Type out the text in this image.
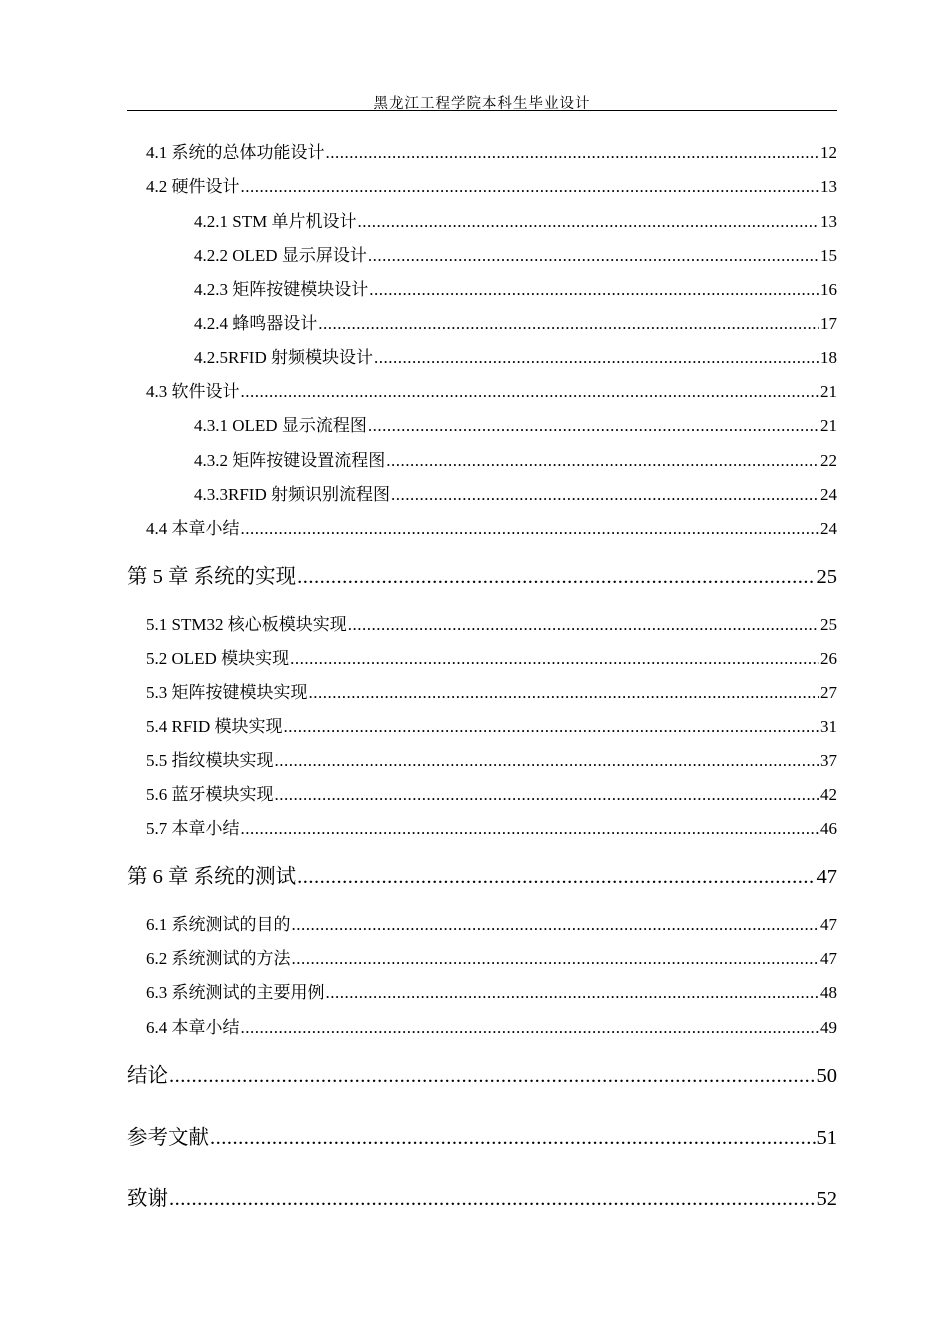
黑龙江工程学院本科生毕业设计
4.1 系统的总体功能设计 .....	12
4.2 硬件设计 .....	13
4.2.1 STM 单片机设计 .....	13
4.2.2 OLED 显示屏设计 .....	15
4.2.3 矩阵按键模块设计 .....	16
4.2.4 蜂鸣器设计 .....	17
4.2.5RFID 射频模块设计 .....	18
4.3 软件设计 .....	21
4.3.1 OLED 显示流程图 .....	21
4.3.2 矩阵按键设置流程图 .....	22
4.3.3RFID 射频识别流程图 .....	24
4.4 本章小结 .....	24
第 5 章 系统的实现 .....	25
5.1 STM32 核心板模块实现 .....	25
5.2 OLED 模块实现 .....	26
5.3 矩阵按键模块实现 .....	27
5.4 RFID 模块实现 .....	31
5.5 指纹模块实现 .....	37
5.6 蓝牙模块实现 .....	42
5.7 本章小结 .....	46
第 6 章 系统的测试 .....	47
6.1 系统测试的目的 .....	47
6.2 系统测试的方法 .....	47
6.3 系统测试的主要用例 .....	48
6.4 本章小结 .....	49
结论 .....	50
参考文献 .....	51
致谢 .....	52
